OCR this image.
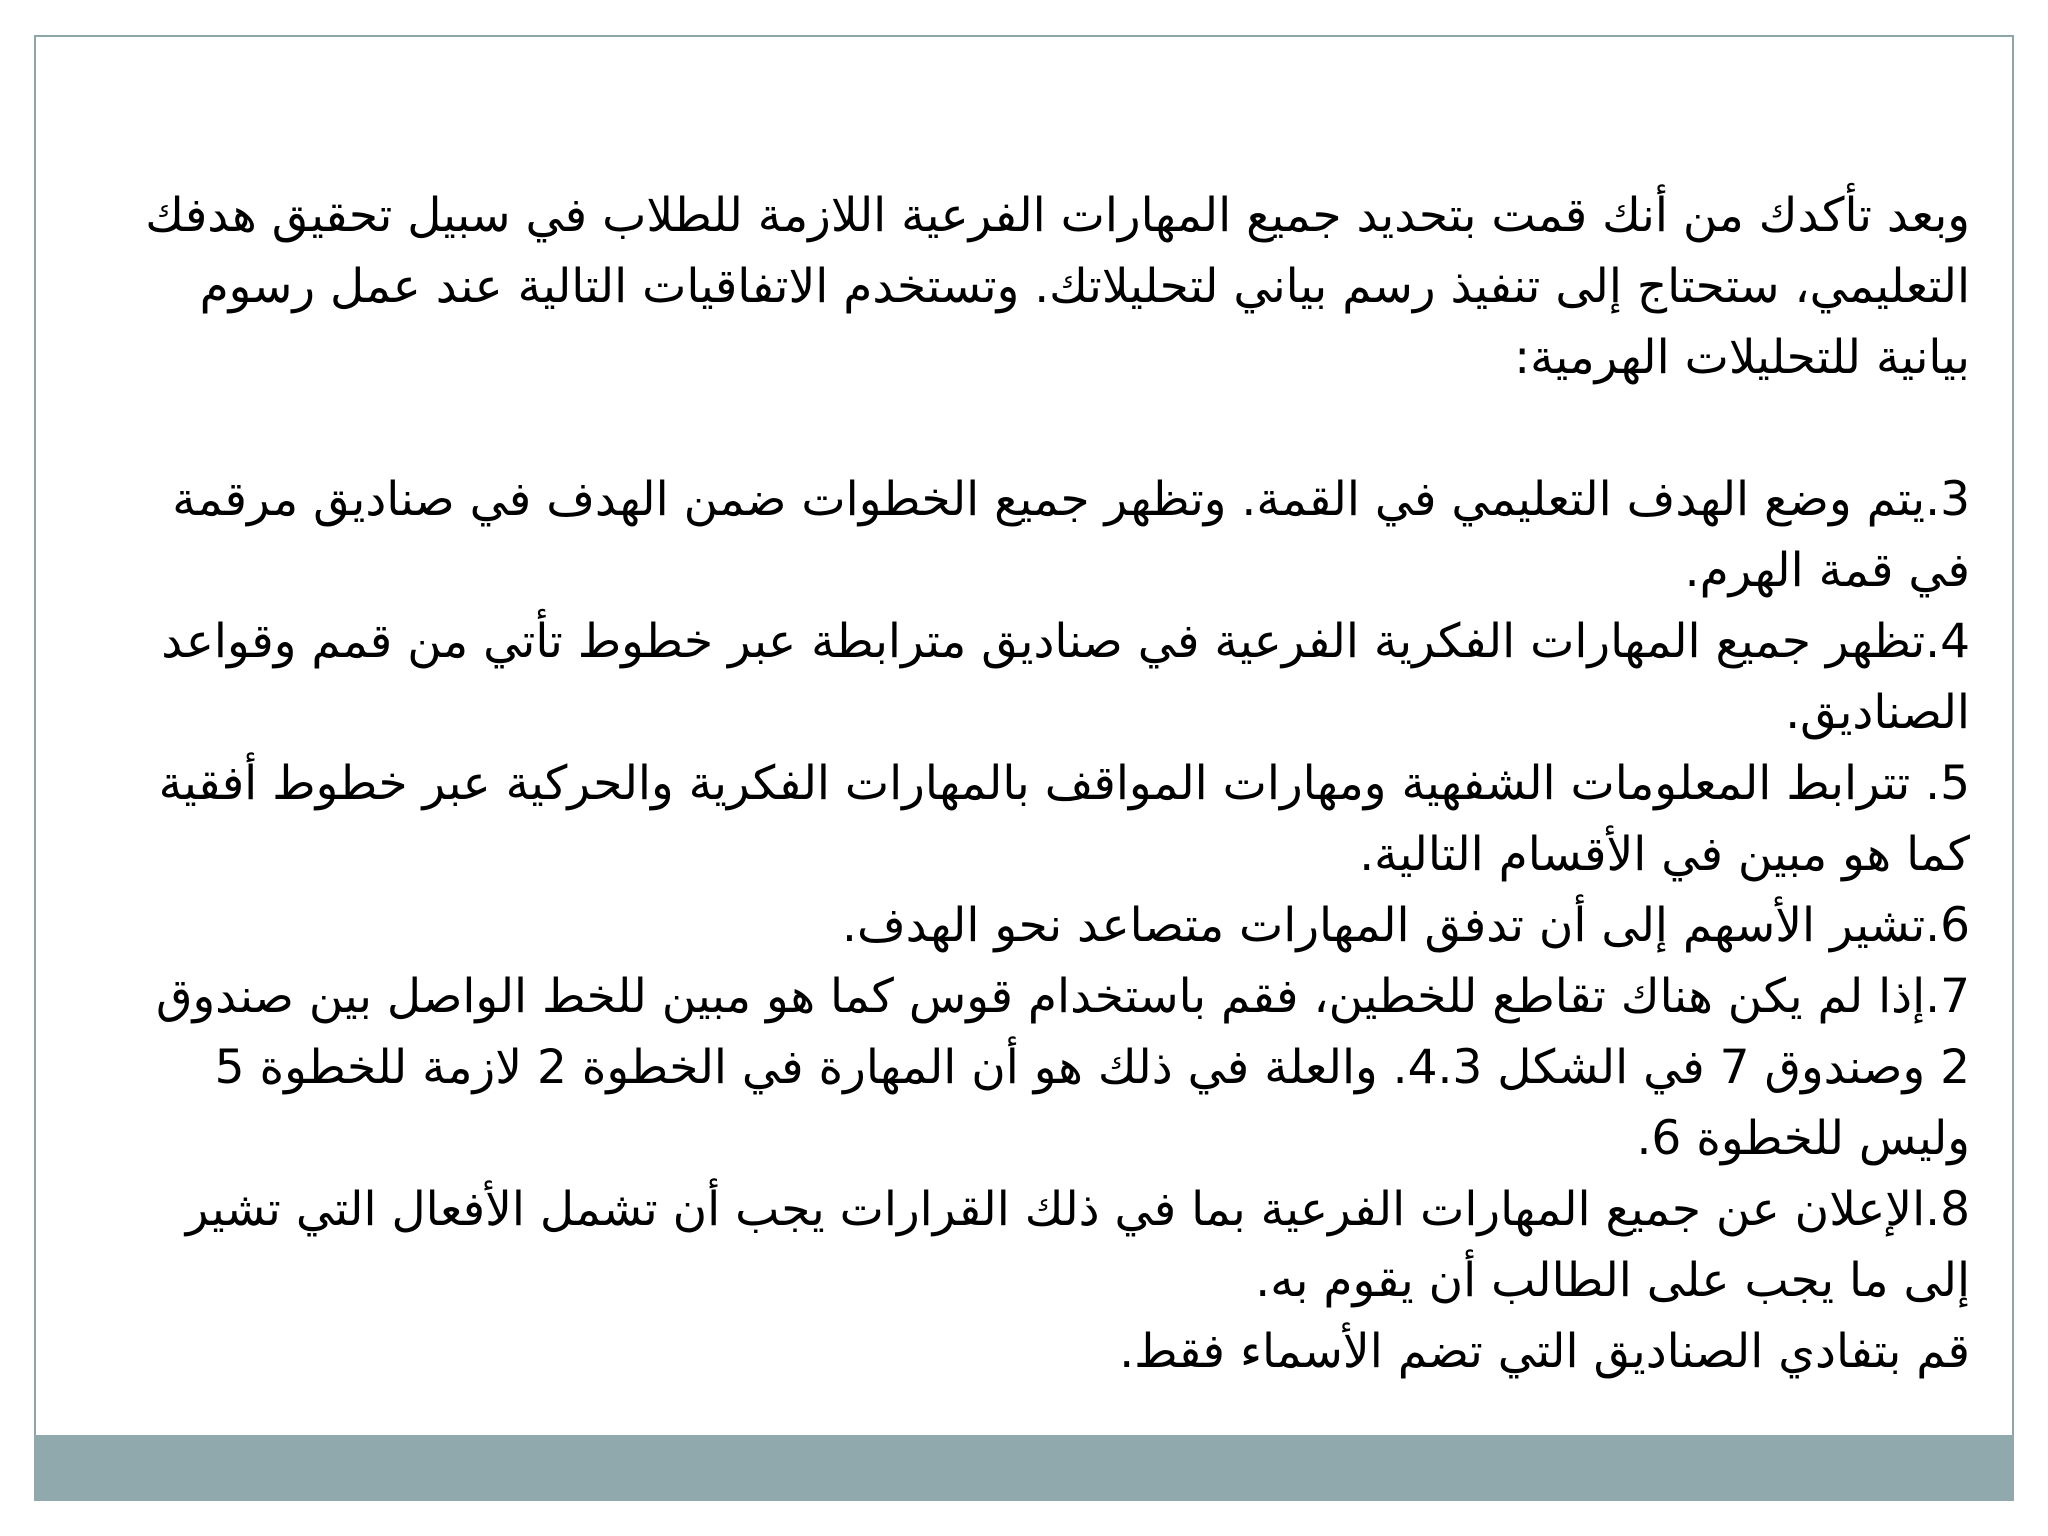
وبعد تأكدك من أنك قمت بتحديد جميع المهارات الفرعية اللازمة للطلاب في سبيل تحقيق هدفك التعليمي، ستحتاج إلى تنفيذ رسم بياني لتحليلاتك. وتستخدم الاتفاقيات التالية عند عمل رسوم بيانية للتحليلات الهرمية:

3.يتم وضع الهدف التعليمي في القمة. وتظهر جميع الخطوات ضمن الهدف في صناديق مرقمة في قمة الهرم.

4.تظهر جميع المهارات الفكرية الفرعية في صناديق مترابطة عبر خطوط تأتي من قمم وقواعد الصناديق.

5. تترابط المعلومات الشفهية ومهارات المواقف بالمهارات الفكرية والحركية عبر خطوط أفقية كما هو مبين في الأقسام التالية.

6.تشير الأسهم إلى أن تدفق المهارات متصاعد نحو الهدف.

7.إذا لم يكن هناك تقاطع للخطين، فقم باستخدام قوس كما هو مبين للخط الواصل بين صندوق 2 وصندوق 7 في الشكل 4.3. والعلة في ذلك هو أن المهارة في الخطوة 2 لازمة للخطوة 5 وليس للخطوة 6.

8.الإعلان عن جميع المهارات الفرعية بما في ذلك القرارات يجب أن تشمل الأفعال التي تشير إلى ما يجب على الطالب أن يقوم به.

قم بتفادي الصناديق التي تضم الأسماء فقط.
